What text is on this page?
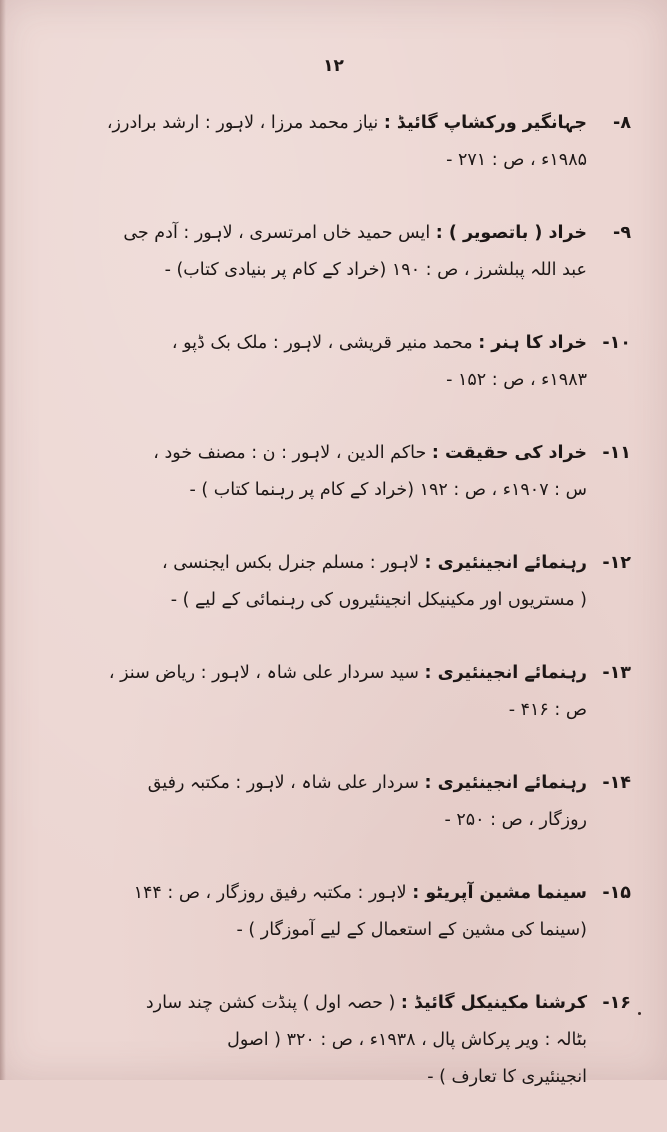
۱۲
۸-
جہانگیر ورکشاپ گائیڈ : نیاز محمد مرزا ، لاہور : ارشد برادرز،
۱۹۸۵ء ، ص : ۲۷۱ -
۹-
خراد ( باتصویر ) : ایس حمید خاں امرتسری ، لاہور : آدم جی
عبد اللہ پبلشرز ، ص : ۱۹۰ (خراد کے کام پر بنیادی کتاب) -
۱۰-
خراد کا ہنر : محمد منیر قریشی ، لاہور : ملک بک ڈپو ،
۱۹۸۳ء ، ص : ۱۵۲ -
۱۱-
خراد کی حقیقت : حاکم الدین ، لاہور : ن : مصنف خود ،
س : ۱۹۰۷ء ، ص : ۱۹۲ (خراد کے کام پر رہنما کتاب ) -
۱۲-
رہنمائے انجینئیری : لاہور : مسلم جنرل بکس ایجنسی ،
( مستریوں اور مکینیکل انجینئیروں کی رہنمائی کے لیے ) -
۱۳-
رہنمائے انجینئیری : سید سردار علی شاہ ، لاہور : ریاض سنز ،
ص : ۴۱۶ -
۱۴-
رہنمائے انجینئیری : سردار علی شاہ ، لاہور : مکتبہ رفیق
روزگار ، ص : ۲۵۰ -
۱۵-
سینما مشین آپریٹو : لاہور : مکتبہ رفیق روزگار ، ص : ۱۴۴
(سینما کی مشین کے استعمال کے لیے آموزگار ) -
۱۶-
کرشنا مکینیکل گائیڈ : ( حصہ اول ) پنڈت کشن چند سارد
بٹالہ : ویر پرکاش پال ، ۱۹۳۸ء ، ص : ۳۲۰ ( اصول
انجینئیری کا تعارف ) -
